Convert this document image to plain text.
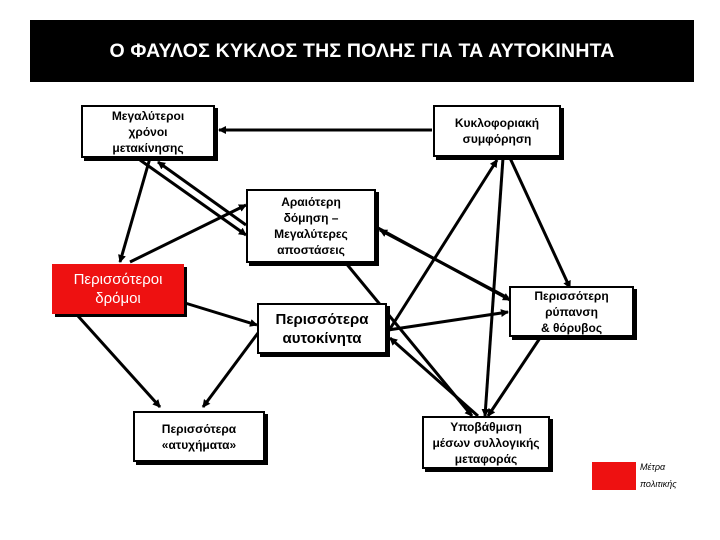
Ο ΦΑΥΛΟΣ ΚΥΚΛΟΣ ΤΗΣ ΠΟΛΗΣ ΓΙΑ ΤΑ ΑΥΤΟΚΙΝΗΤΑ
Μεγαλύτεροι
χρόνοι
μετακίνησης
Κυκλοφοριακή
συμφόρηση
Αραιότερη
δόμηση –
Μεγαλύτερες
αποστάσεις
Περισσότεροι
δρόμοι
Περισσότερα
αυτοκίνητα
Περισσότερη
ρύπανση
& θόρυβος
Περισσότερα
«ατυχήματα»
Υποβάθμιση
μέσων συλλογικής
μεταφοράς
Μέτρα
πολιτικής
